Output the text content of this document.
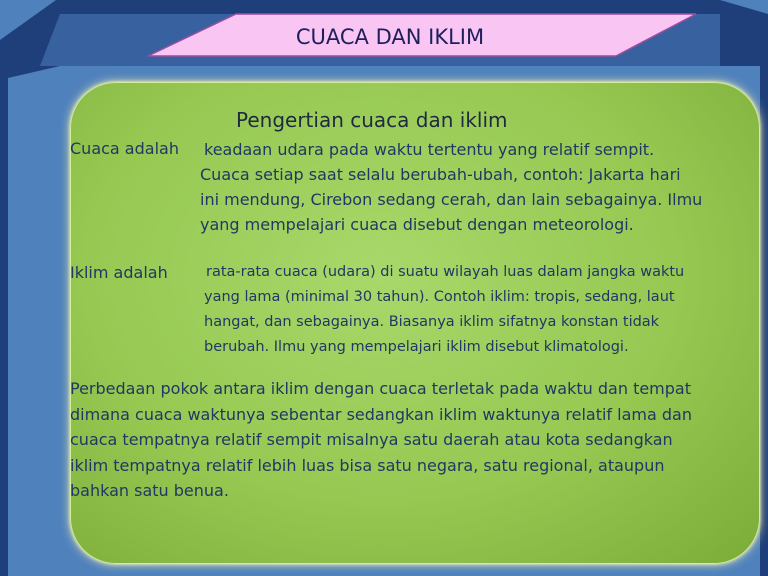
CUACA DAN IKLIM
Pengertian cuaca dan iklim
Cuaca adalah keadaan udara pada waktu tertentu yang relatif sempit.
Cuaca setiap saat selalu berubah-ubah, contoh: Jakarta hari
ini mendung, Cirebon sedang cerah, dan lain sebagainya. Ilmu
yang mempelajari cuaca disebut dengan meteorologi.
Iklim adalah	rata-rata cuaca (udara) di suatu wilayah luas dalam jangka waktu
yang lama (minimal 30 tahun). Contoh iklim: tropis, sedang, laut
hangat, dan sebagainya. Biasanya iklim sifatnya konstan tidak
berubah. Ilmu yang mempelajari iklim disebut klimatologi.
Perbedaan pokok antara iklim dengan cuaca terletak pada waktu dan tempat
dimana cuaca waktunya sebentar sedangkan iklim waktunya relatif lama dan
cuaca tempatnya relatif sempit misalnya satu daerah atau kota sedangkan
iklim tempatnya relatif lebih luas bisa satu negara, satu regional, ataupun
bahkan satu benua.
